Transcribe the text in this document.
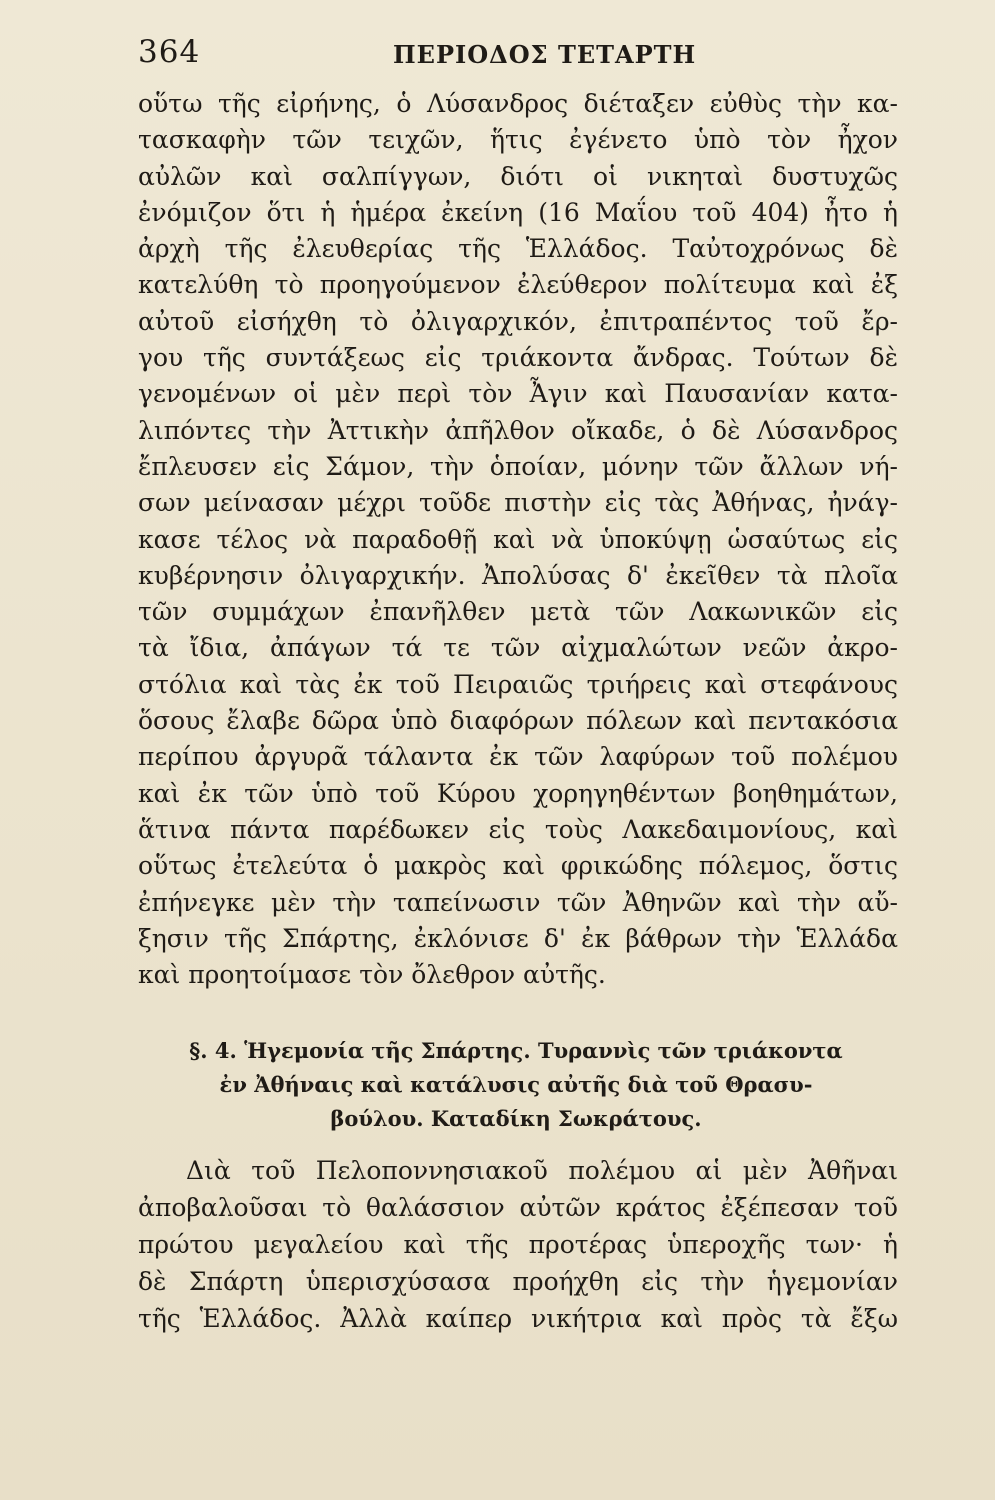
364	ΠΕΡΙΟΔΟΣ ΤΕΤΑΡΤΗ

οὕτω τῆς εἰρήνης, ὁ Λύσανδρος διέταξεν εὐθὺς τὴν κα-
τασκαφὴν τῶν τειχῶν, ἥτις ἐγένετο ὑπὸ τὸν ἦχον
αὐλῶν καὶ σαλπίγγων, διότι οἱ νικηταὶ δυστυχῶς
ἐνόμιζον ὅτι ἡ ἡμέρα ἐκείνη (16 Μαΐου τοῦ 404) ἦτο ἡ
ἀρχὴ τῆς ἐλευθερίας τῆς Ἑλλάδος. Ταὐτοχρόνως δὲ
κατελύθη τὸ προηγούμενον ἐλεύθερον πολίτευμα καὶ ἐξ
αὐτοῦ εἰσήχθη τὸ ὀλιγαρχικόν, ἐπιτραπέντος τοῦ ἔρ-
γου τῆς συντάξεως εἰς τριάκοντα ἄνδρας. Τούτων δὲ
γενομένων οἱ μὲν περὶ τὸν Ἆγιν καὶ Παυσανίαν κατα-
λιπόντες τὴν Ἀττικὴν ἀπῆλθον οἴκαδε, ὁ δὲ Λύσανδρος
ἔπλευσεν εἰς Σάμον, τὴν ὁποίαν, μόνην τῶν ἄλλων νή-
σων μείνασαν μέχρι τοῦδε πιστὴν εἰς τὰς Ἀθήνας, ἠνάγ-
κασε τέλος νὰ παραδοθῇ καὶ νὰ ὑποκύψῃ ὡσαύτως εἰς
κυβέρνησιν ὀλιγαρχικήν. Ἀπολύσας δ' ἐκεῖθεν τὰ πλοῖα
τῶν συμμάχων ἐπανῆλθεν μετὰ τῶν Λακωνικῶν εἰς
τὰ ἴδια, ἀπάγων τά τε τῶν αἰχμαλώτων νεῶν ἀκρο-
στόλια καὶ τὰς ἐκ τοῦ Πειραιῶς τριήρεις καὶ στεφάνους
ὅσους ἔλαβε δῶρα ὑπὸ διαφόρων πόλεων καὶ πεντακόσια
περίπου ἀργυρᾶ τάλαντα ἐκ τῶν λαφύρων τοῦ πολέμου
καὶ ἐκ τῶν ὑπὸ τοῦ Κύρου χορηγηθέντων βοηθημάτων,
ἅτινα πάντα παρέδωκεν εἰς τοὺς Λακεδαιμονίους, καὶ
οὕτως ἐτελεύτα ὁ μακρὸς καὶ φρικώδης πόλεμος, ὅστις
ἐπήνεγκε μὲν τὴν ταπείνωσιν τῶν Ἀθηνῶν καὶ τὴν αὔ-
ξησιν τῆς Σπάρτης, ἐκλόνισε δ' ἐκ βάθρων τὴν Ἑλλάδα
καὶ προητοίμασε τὸν ὄλεθρον αὐτῆς.

§. 4. Ἡγεμονία τῆς Σπάρτης. Τυραννὶς τῶν τριάκοντα
ἐν Ἀθήναις καὶ κατάλυσις αὐτῆς διὰ τοῦ Θρασυ-
βούλου. Καταδίκη Σωκράτους.

Διὰ τοῦ Πελοποννησιακοῦ πολέμου αἱ μὲν Ἀθῆναι
ἀποβαλοῦσαι τὸ θαλάσσιον αὐτῶν κράτος ἐξέπεσαν τοῦ
πρώτου μεγαλείου καὶ τῆς προτέρας ὑπεροχῆς των· ἡ
δὲ Σπάρτη ὑπερισχύσασα προήχθη εἰς τὴν ἡγεμονίαν
τῆς Ἑλλάδος. Ἀλλὰ καίπερ νικήτρια καὶ πρὸς τὰ ἔξω
